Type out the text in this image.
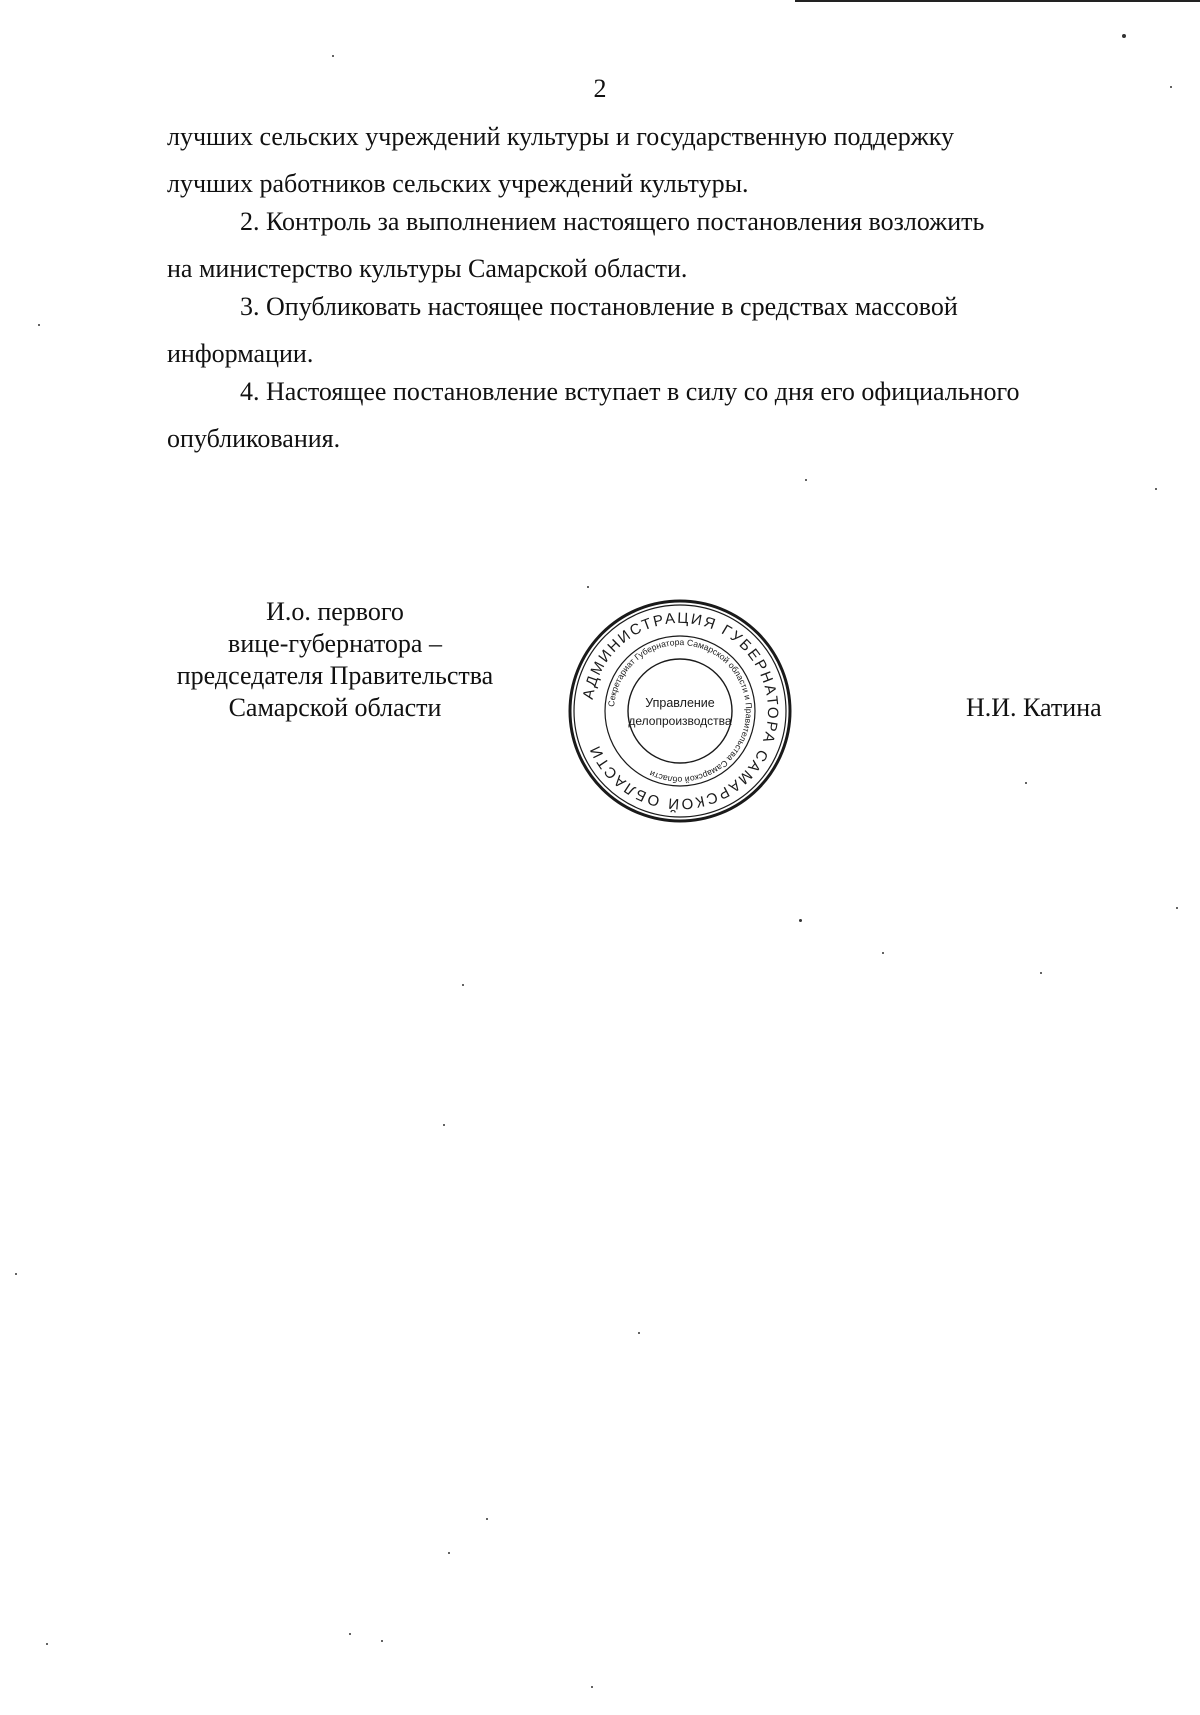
2
лучших сельских учреждений культуры и государственную поддержку
лучших работников сельских учреждений культуры.
2. Контроль за выполнением настоящего постановления возложить
на министерство культуры Самарской области.
3. Опубликовать настоящее постановление в средствах массовой
информации.
4. Настоящее постановление вступает в силу со дня его официального
опубликования.
И.о. первого
вице-губернатора –
председателя Правительства
Самарской области
АДМИНИСТРАЦИЯ ГУБЕРНАТОРА САМАРСКОЙ ОБЛАСТИ
Секретариат Губернатора Самарской области и Правительства Самарской области
Управление
делопроизводства	Н.И. Катина
